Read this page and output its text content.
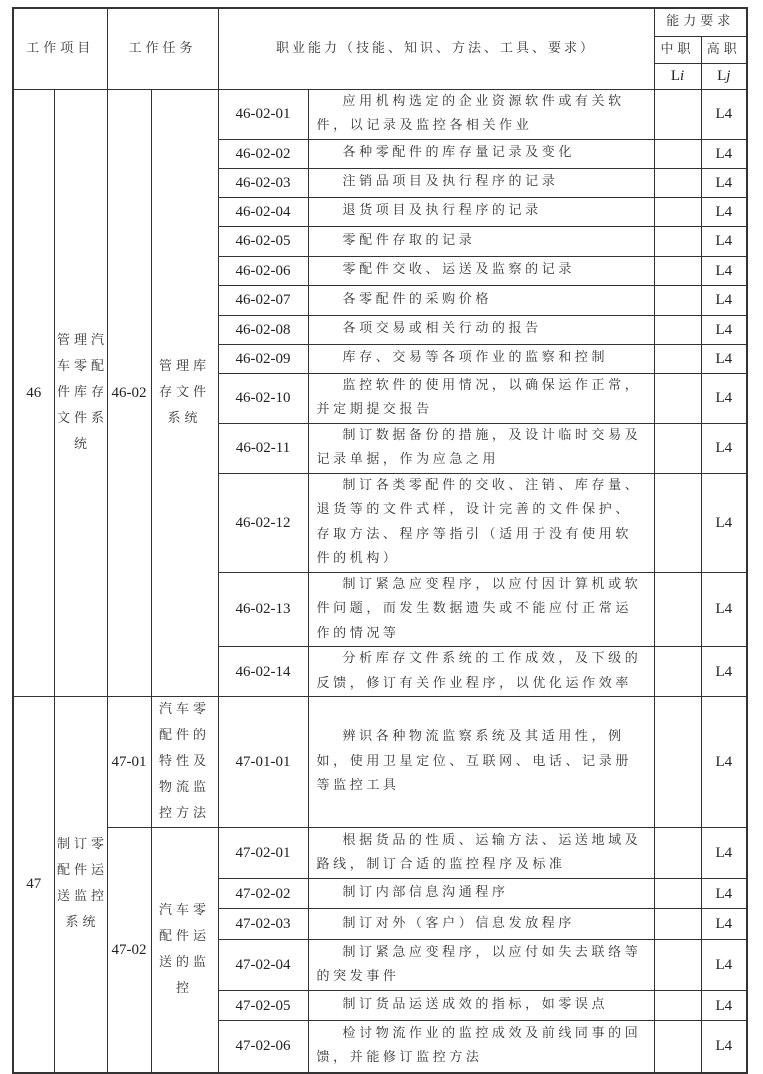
工作项目		工作任务		职业能力（技能、知识、方法、工具、要求）		能力要求	
						中职	高职
						Li	Lj
46	管理汽车零配件库存文件系统	46-02	管理库存文件系统	46-02-01	应用机构选定的企业资源软件或有关软件，以记录及监控各相关作业		L4
				46-02-02	各种零配件的库存量记录及变化		L4
				46-02-03	注销品项目及执行程序的记录		L4
				46-02-04	退货项目及执行程序的记录		L4
				46-02-05	零配件存取的记录		L4
				46-02-06	零配件交收、运送及监察的记录		L4
				46-02-07	各零配件的采购价格		L4
				46-02-08	各项交易或相关行动的报告		L4
				46-02-09	库存、交易等各项作业的监察和控制		L4
				46-02-10	监控软件的使用情况，以确保运作正常，并定期提交报告		L4
				46-02-11	制订数据备份的措施，及设计临时交易及记录单据，作为应急之用		L4
				46-02-12	制订各类零配件的交收、注销、库存量、退货等的文件式样，设计完善的文件保护、存取方法、程序等指引（适用于没有使用软件的机构）		L4
				46-02-13	制订紧急应变程序，以应付因计算机或软件问题，而发生数据遗失或不能应付正常运作的情况等		L4
				46-02-14	分析库存文件系统的工作成效，及下级的反馈，修订有关作业程序，以优化运作效率		L4
47	制订零配件运送监控系统	47-01	汽车零配件的特性及物流监控方法	47-01-01	辨识各种物流监察系统及其适用性，例如，使用卫星定位、互联网、电话、记录册等监控工具		L4
		47-02	汽车零配件运送的监控	47-02-01	根据货品的性质、运输方法、运送地域及路线，制订合适的监控程序及标准		L4
				47-02-02	制订内部信息沟通程序		L4
				47-02-03	制订对外（客户）信息发放程序		L4
				47-02-04	制订紧急应变程序，以应付如失去联络等的突发事件		L4
				47-02-05	制订货品运送成效的指标，如零误点		L4
				47-02-06	检讨物流作业的监控成效及前线同事的回馈，并能修订监控方法		L4
